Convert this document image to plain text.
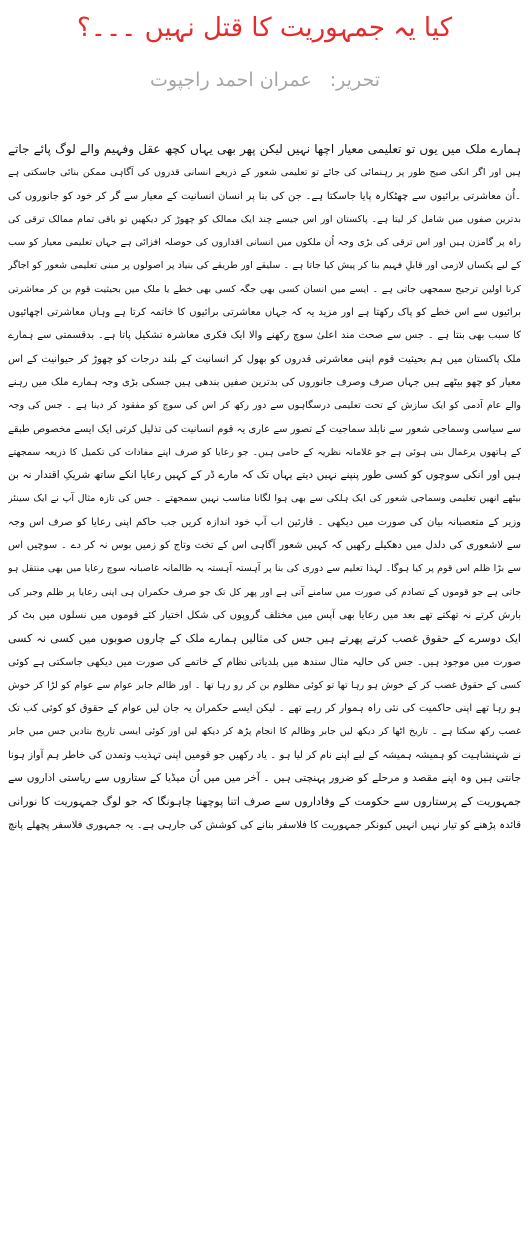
کیا یہ جمہوریت کا قتل نہیں ۔۔۔؟
تحریر:
عمران احمد راجپوت
ہمارے ملک میں یوں تو تعلیمی معیار اچھا نہیں لیکن پھر بھی یہاں کچھ عقل وفہیم والے لوگ پائے جاتے
ہیں اور اگر انکی صیح طور پر رہنمائی کی جائے تو تعلیمی شعور کے ذریعے انسانی قدروں کی آگاہی ممکن بنائی جاسکتی ہے
۔اُن معاشرتی برائیوں سے چھٹکارہ پایا جاسکتا ہے۔ جن کی بنا پر انسان انسانیت کے معیار سے گر کر خود کو جانوروں کی
بدترین صفوں میں شامل کر لیتا ہے۔ پاکستان اور اس جیسے چند ایک ممالک کو چھوڑ کر دیکھیں تو باقی تمام ممالک ترقی کی
راہ پر گامزن ہیں اور اس ترقی کی بڑی وجہ اُن ملکوں میں انسانی اقداروں کی حوصلہ افزائی ہے جہاں تعلیمی معیار کو سب
کے لیے یکساں لازمی اور قابلِ فہیم بنا کر پیش کیا جاتا ہے ۔ سلیقے اور طریقے کی بنیاد پر اصولوں پر مبنی تعلیمی شعور کو اجاگر
کرنا اولین ترجیح سمجھی جاتی ہے ۔ ایسے میں انسان کسی بھی جگہ کسی بھی خطے یا ملک میں بحیثیت قوم بن کر معاشرتی
برائیوں سے اس خطے کو پاک رکھتا ہے اور مزید یہ کہ جہاں معاشرتی برائیوں کا خاتمہ کرتا ہے وہاں معاشرتی اچھائیوں
کا سبب بھی بنتا ہے ۔ جس سے صحت مند اعلیٰ سوچ رکھنے والا ایک فکری معاشرہ تشکیل پاتا ہے۔ بدقسمتی سے ہمارے
ملک پاکستان میں ہم بحیثیت قوم اپنی معاشرتی قدروں کو بھول کر انسانیت کے بلند درجات کو چھوڑ کر حیوانیت کے اس
معیار کو چھو بیٹھے ہیں جہاں صرف وصرف جانوروں کی بدترین صفیں بندھی ہیں جسکی بڑی وجہ ہمارے ملک میں رہنے
والے عام آدمی کو ایک سازش کے تحت تعلیمی درسگاہوں سے دور رکھ کر اس کی سوچ کو مفقود کر دینا ہے ۔ جس کی وجہ
سے سیاسی وسماجی شعور سے نابلد سماجیت کے تصور سے عاری یہ قوم انسانیت کی تذلیل کرتی ایک ایسے مخصوص طبقے
کے ہاتھوں یرغمال بنی ہوئی ہے جو غلامانہ نظریہ کے حامی ہیں۔ جو رعایا کو صرف اپنے مفادات کی تکمیل کا ذریعہ سمجھتے
ہیں اور انکی سوچوں کو کسی طور پنپنے نہیں دیتے یہاں تک کہ مارے ڈر کے کہیں رعایا انکے ساتھ شریکِ اقتدار نہ بن
بیٹھے انھیں تعلیمی وسماجی شعور کی ایک ہلکی سے بھی ہوا لگانا مناسب نہیں سمجھتے ۔ جس کی تازہ مثال آپ نے ایک سینئر
وزیر کے متعصبانہ بیان کی صورت میں دیکھی ۔ قارئین اب آپ خود اندازہ کریں جب حاکم اپنی رعایا کو صرف اس وجہ
سے لاشعوری کی دلدل میں دھکیلے رکھیں کہ کہیں شعور آگاہی اس کے تخت وتاج کو زمیں بوس نہ کر دے ۔ سوچیں اس
سے بڑا ظلم اس قوم پر کیا ہوگا۔ لہذا تعلیم سے دوری کی بنا پر آہستہ آہستہ یہ ظالمانہ غاصبانہ سوچ رعایا میں بھی منتقل ہو
جاتی ہے جو قوموں کے تصادم کی صورت میں سامنے آتی ہے اور پھر کل تک جو صرف حکمران ہی اپنی رعایا پر ظلم وجبر کی
بارش کرتے نہ تھکتے تھے بعد میں رعایا بھی آپس میں مختلف گروپوں کی شکل اختیار کئے قوموں میں نسلوں میں بٹ کر
ایک دوسرے کے حقوق غصب کرتے پھرتے ہیں جس کی مثالیں ہمارے ملک کے چاروں صوبوں میں کسی نہ کسی
صورت میں موجود ہیں۔ جس کی حالیہ مثال سندھ میں بلدیاتی نظام کے خاتمے کی صورت میں دیکھی جاسکتی ہے کوئی
کسی کے حقوق غصب کر کے خوش ہو رہا تھا تو کوئی مظلوم بن کر رو رہا تھا ۔ اور ظالم جابر عوام سے عوام کو لڑا کر خوش
ہو رہا تھے اپنی حاکمیت کی نئی راہ ہموار کر رہے تھے ۔ لیکن ایسے حکمران یہ جان لیں عوام کے حقوق کو کوئی کب تک
غصب رکھ سکتا ہے ۔ تاریخ اٹھا کر دیکھ لیں جابر وظالم کا انجام پڑھ کر دیکھ لیں اور کوئی ایسی تاریخ بتادیں جس میں جابر
نے شہنشاہیت کو ہمیشہ ہمیشہ کے لیے اپنے نام کر لیا ہو ۔ یاد رکھیں جو قومیں اپنی تہذیب وتمدن کی خاطر ہم آواز ہونا
جانتی ہیں وہ اپنے مقصد و مرحلے کو ضرور پہنچتی ہیں ۔ آخر میں میں اُن میڈیا کے ستاروں سے ریاستی اداروں سے
جمہوریت کے پرستاروں سے حکومت کے وفاداروں سے صرف اتنا پوچھنا چاہونگا کہ جو لوگ جمہوریت کا نورانی
قائدہ پڑھنے کو تیار نہیں انہیں کیونکر جمہوریت کا فلاسفر بنانے کی کوشش کی جارہی ہے۔ یہ جمہوری فلاسفر پچھلے پانچ
